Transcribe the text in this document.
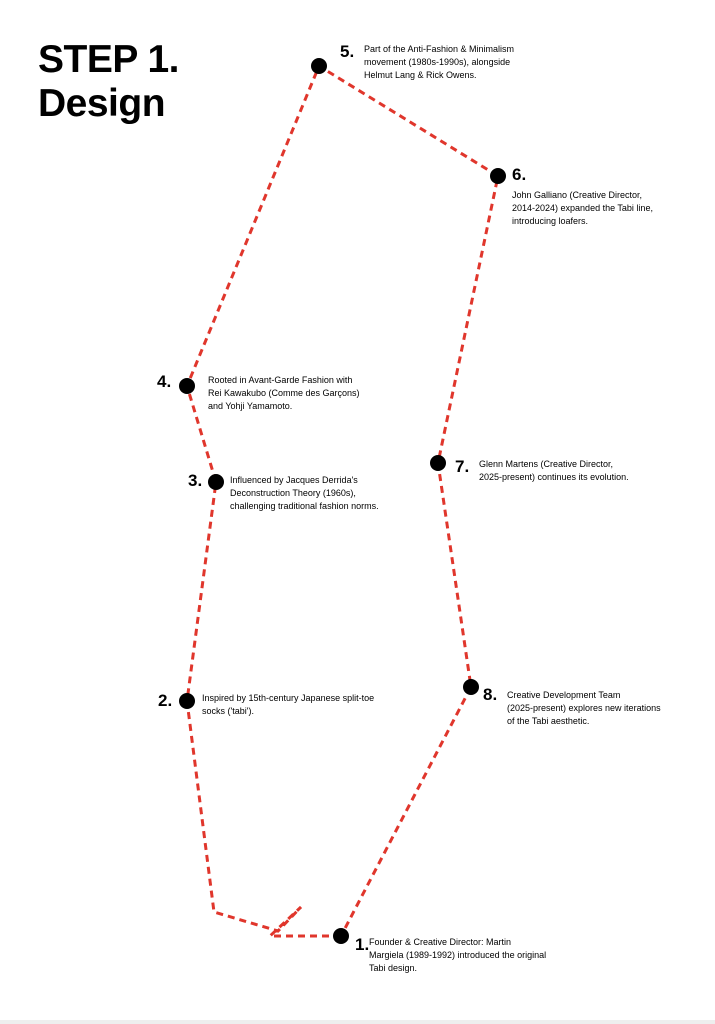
STEP 1.
Design
1. Founder & Creative Director: Martin
Margiela (1989-1992) introduced the original
Tabi design.

2.	Inspired by 15th-century Japanese split-toe
socks ('tabi').

3.	Influenced by Jacques Derrida's
Deconstruction Theory (1960s),
challenging traditional fashion norms.

4.	Rooted in Avant-Garde Fashion with
Rei Kawakubo (Comme des Garçons)
and Yohji Yamamoto.

5. Part of the Anti-Fashion & Minimalism
movement (1980s-1990s), alongside
Helmut Lang & Rick Owens.

6.

John Galliano (Creative Director,
2014-2024) expanded the Tabi line,
introducing loafers.

7. Glenn Martens (Creative Director,
2025-present) continues its evolution.

8. Creative Development Team
(2025-present) explores new iterations
of the Tabi aesthetic.
